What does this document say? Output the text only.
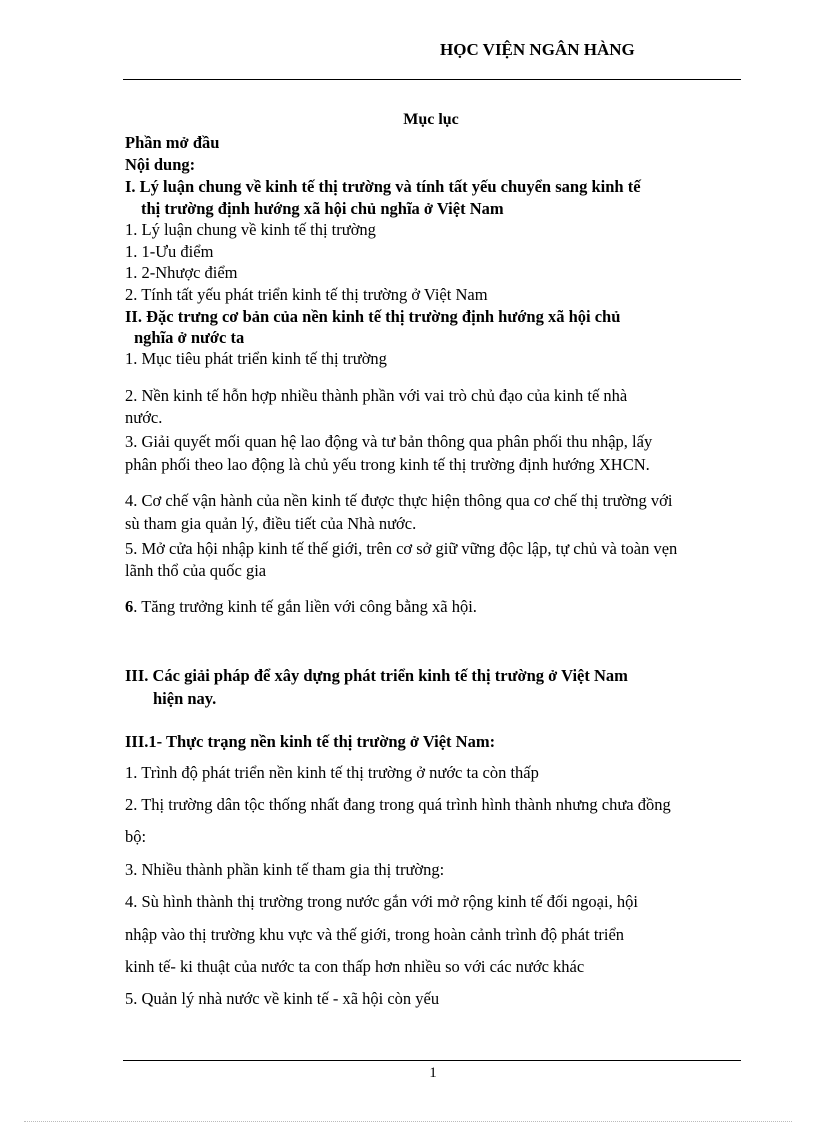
HỌC VIỆN NGÂN HÀNG
Mục lục
Phần mở đầu
Nội dung:
I. Lý luận chung về kinh tế thị trường và tính tất yếu chuyển sang kinh tế
thị trường định hướng xã hội chủ nghĩa ở Việt Nam
1. Lý luận chung về kinh tế thị trường
1. 1-Ưu điểm
1. 2-Nhược điểm
2. Tính tất yếu phát triển kinh tế thị trường ở Việt Nam
II. Đặc trưng cơ bản của nền kinh tế thị trường định hướng xã hội chủ
nghĩa ở nước ta
1. Mục tiêu phát triển kinh tế thị trường
2. Nền kinh tế hỗn hợp nhiều thành phần với vai trò chủ đạo của kinh tế nhà
nước.
3. Giải quyết mối quan hệ lao động và tư bản thông qua phân phối thu nhập, lấy
phân phối theo lao động là chủ yếu trong kinh tế thị trường định hướng XHCN.
4. Cơ chế vận hành của nền kinh tế được thực hiện thông qua cơ chế thị trường với
sù tham gia quản lý, điều tiết của Nhà nước.
5. Mở cửa hội nhập kinh tế thế giới, trên cơ sở giữ vững độc lập, tự chủ và toàn vẹn
lãnh thổ của quốc gia
6. Tăng trưởng kinh tế gắn liền với công bằng xã hội.
III. Các giải pháp để xây dựng phát triển kinh tế thị trường ở Việt Nam
hiện nay.
III.1- Thực trạng nền kinh tế thị trường ở Việt Nam:
1. Trình độ phát triển nền kinh tế thị trường ở nước ta còn thấp
2. Thị trường dân tộc thống nhất đang trong quá trình hình thành nhưng chưa đồng
bộ:
3. Nhiều thành phần kinh tế tham gia thị trường:
4. Sù hình thành thị trường trong nước gắn với mở rộng kinh tế đối ngoại, hội
nhập vào thị trường khu vực và thế giới, trong hoàn cảnh trình độ phát triển
kinh tế- ki thuật của nước ta con thấp hơn nhiều so với các nước khác
5. Quản lý nhà nước về kinh tế - xã hội còn yếu
1
